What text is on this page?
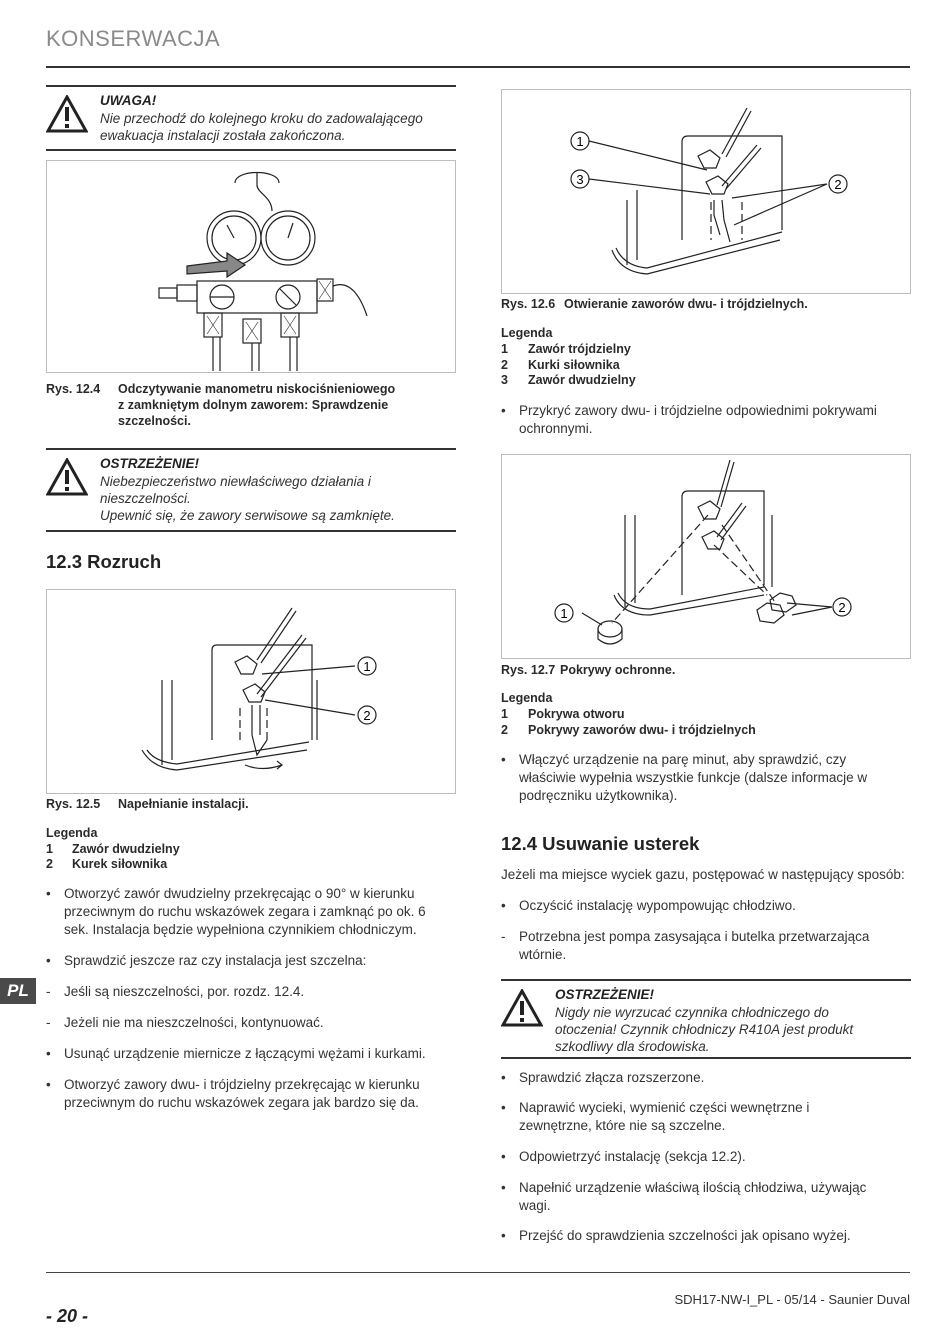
KONSERWACJA
UWAGA!
Nie przechodź do kolejnego kroku do zadowalającego
ewakuacja instalacji została zakończona.
Rys. 12.4 Odczytywanie manometru niskociśnieniowego
z zamkniętym dolnym zaworem: Sprawdzenie
szczelności.
OSTRZEŻENIE!
Niebezpieczeństwo niewłaściwego działania i
nieszczelności.
Upewnić się, że zawory serwisowe są zamknięte.
12.3 Rozruch
1
2
Rys. 12.5 Napełnianie instalacji.
Legenda
1 Zawór dwudzielny
2 Kurek siłownika
• Otworzyć zawór dwudzielny przekręcając o 90° w kierunku
przeciwnym do ruchu wskazówek zegara i zamknąć po ok. 6
sek. Instalacja będzie wypełniona czynnikiem chłodniczym.
• Sprawdzić jeszcze raz czy instalacja jest szczelna:
- Jeśli są nieszczelności, por. rozdz. 12.4.
- Jeżeli nie ma nieszczelności, kontynuować.
• Usunąć urządzenie miernicze z łączącymi wężami i kurkami.
• Otworzyć zawory dwu- i trójdzielny przekręcając w kierunku
przeciwnym do ruchu wskazówek zegara jak bardzo się da.
1
3	2
Rys. 12.6 Otwieranie zaworów dwu- i trójdzielnych.
Legenda
1 Zawór trójdzielny
2 Kurki siłownika
3 Zawór dwudzielny
• Przykryć zawory dwu- i trójdzielne odpowiednimi pokrywami
ochronnymi.
1	2
Rys. 12.7 Pokrywy ochronne.
Legenda
1 Pokrywa otworu
2 Pokrywy zaworów dwu- i trójdzielnych
• Włączyć urządzenie na parę minut, aby sprawdzić, czy
właściwie wypełnia wszystkie funkcje (dalsze informacje w
podręczniku użytkownika).
12.4 Usuwanie usterek
Jeżeli ma miejsce wyciek gazu, postępować w następujący sposób:
• Oczyścić instalację wypompowując chłodziwo.
- Potrzebna jest pompa zasysająca i butelka przetwarzająca
wtórnie.
OSTRZEŻENIE!
Nigdy nie wyrzucać czynnika chłodniczego do
otoczenia! Czynnik chłodniczy R410A jest produkt
szkodliwy dla środowiska.
• Sprawdzić złącza rozszerzone.
• Naprawić wycieki, wymienić części wewnętrzne i
zewnętrzne, które nie są szczelne.
• Odpowietrzyć instalację (sekcja 12.2).
• Napełnić urządzenie właściwą ilością chłodziwa, używając
wagi.
• Przejść do sprawdzienia szczelności jak opisano wyżej.
PL
SDH17-NW-I_PL - 05/14 - Saunier Duval
- 20 -
